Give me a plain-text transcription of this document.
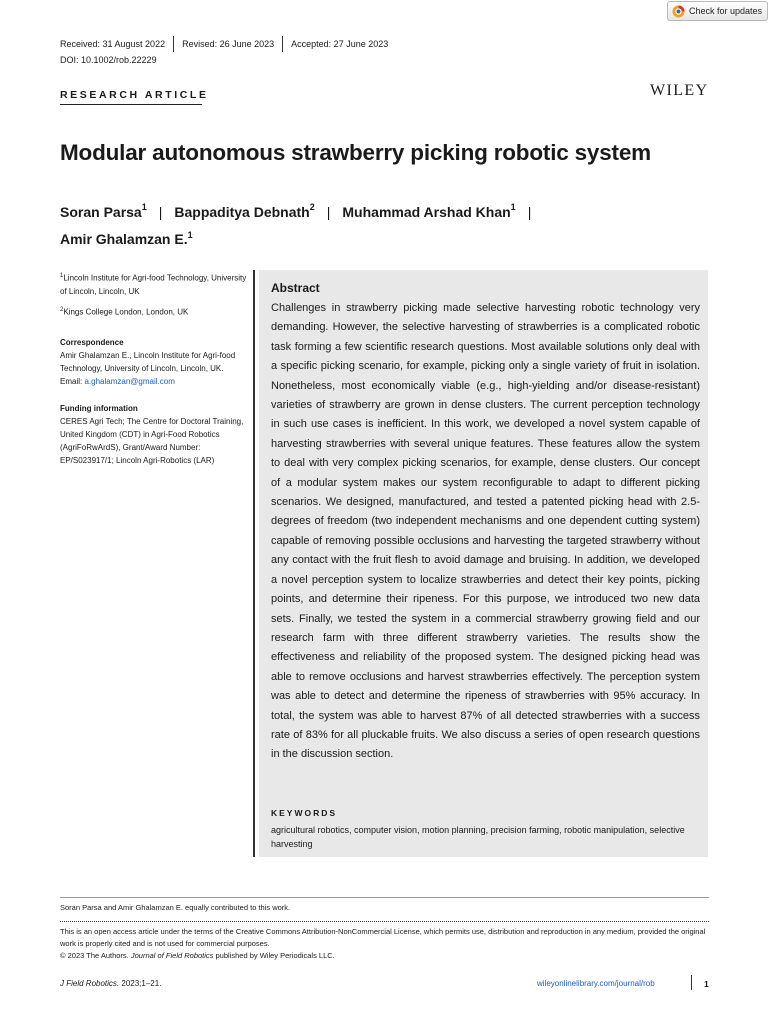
Check for updates
Received: 31 August 2022 Revised: 26 June 2023 Accepted: 27 June 2023
DOI: 10.1002/rob.22229
RESEARCH ARTICLE	WILEY
Modular autonomous strawberry picking robotic system
Soran Parsa$^1$ | Bappaditya Debnath$^2$ | Muhammad Arshad Khan$^1$ |
Amir Ghalamzan E.$^1$

$^1$Lincoln Institute for Agri-food Technology, University of Lincoln, Lincoln, UK

$^2$Kings College London, London, UK

Correspondence

Amir Ghalamzan E., Lincoln Institute for Agri-food Technology, University of Lincoln, Lincoln, UK.

Email: a.ghalamzan@gmail.com

Funding information

CERES Agri Tech; The Centre for Doctoral Training, United Kingdom (CDT) in Agri-Food Robotics (AgriFoRwArdS), Grant/Award Number: EP/S023917/1; Lincoln Agri-Robotics (LAR)

Abstract

Challenges in strawberry picking made selective harvesting robotic technology very demanding. However, the selective harvesting of strawberries is a complicated robotic task forming a few scientific research questions. Most available solutions only deal with a specific picking scenario, for example, picking only a single variety of fruit in isolation. Nonetheless, most economically viable (e.g., high-yielding and/or disease-resistant) varieties of strawberry are grown in dense clusters. The current perception technology in such use cases is inefficient. In this work, we developed a novel system capable of harvesting strawberries with several unique features. These features allow the system to deal with very complex picking scenarios, for example, dense clusters. Our concept of a modular system makes our system reconfigurable to adapt to different picking scenarios. We designed, manufactured, and tested a patented picking head with 2.5-degrees of freedom (two independent mechanisms and one dependent cutting system) capable of removing possible occlusions and harvesting the targeted strawberry without any contact with the fruit flesh to avoid damage and bruising. In addition, we developed a novel perception system to localize strawberries and detect their key points, picking points, and determine their ripeness. For this purpose, we introduced two new data sets. Finally, we tested the system in a commercial strawberry growing field and our research farm with three different strawberry varieties. The results show the effectiveness and reliability of the proposed system. The designed picking head was able to remove occlusions and harvest strawberries effectively. The perception system was able to detect and determine the ripeness of strawberries with 95% accuracy. In total, the system was able to harvest 87% of all detected strawberries with a success rate of 83% for all pluckable fruits. We also discuss a series of open research questions in the discussion section.

KEYWORDS
agricultural robotics, computer vision, motion planning, precision farming, robotic manipulation, selective harvesting
Soran Parsa and Amir Ghalamzan E. equally contributed to this work.

This is an open access article under the terms of the Creative Commons Attribution-NonCommercial License, which permits use, distribution and reproduction in any medium, provided the original work is properly cited and is not used for commercial purposes.

© 2023 The Authors. Journal of Field Robotics published by Wiley Periodicals LLC.

J Field Robotics. 2023;1–21.	wileyonlinelibrary.com/journal/rob	1
